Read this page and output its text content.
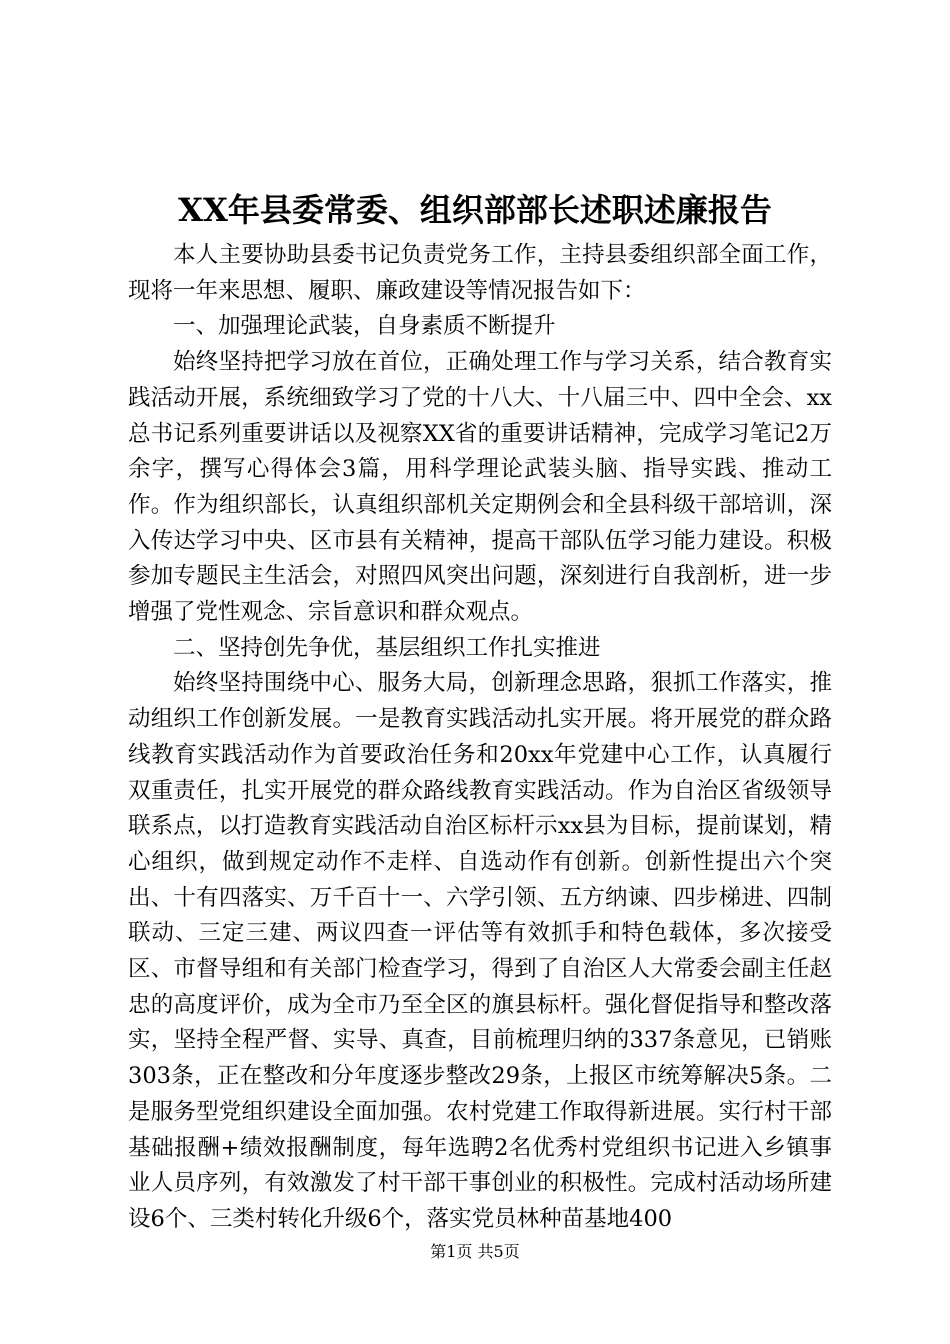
XX年县委常委、组织部部长述职述廉报告

本人主要协助县委书记负责党务工作，主持县委组织部全面工作，现将一年来思想、履职、廉政建设等情况报告如下：

一、加强理论武装，自身素质不断提升

始终坚持把学习放在首位，正确处理工作与学习关系，结合教育实践活动开展，系统细致学习了党的十八大、十八届三中、四中全会、xx总书记系列重要讲话以及视察XX省的重要讲话精神，完成学习笔记2万余字，撰写心得体会3篇，用科学理论武装头脑、指导实践、推动工作。作为组织部长，认真组织部机关定期例会和全县科级干部培训，深入传达学习中央、区市县有关精神，提高干部队伍学习能力建设。积极参加专题民主生活会，对照四风突出问题，深刻进行自我剖析，进一步增强了党性观念、宗旨意识和群众观点。

二、坚持创先争优，基层组织工作扎实推进

始终坚持围绕中心、服务大局，创新理念思路，狠抓工作落实，推动组织工作创新发展。一是教育实践活动扎实开展。将开展党的群众路线教育实践活动作为首要政治任务和20xx年党建中心工作，认真履行双重责任，扎实开展党的群众路线教育实践活动。作为自治区省级领导联系点，以打造教育实践活动自治区标杆示xx县为目标，提前谋划，精心组织，做到规定动作不走样、自选动作有创新。创新性提出六个突出、十有四落实、万千百十一、六学引领、五方纳谏、四步梯进、四制联动、三定三建、两议四查一评估等有效抓手和特色载体，多次接受区、市督导组和有关部门检查学习，得到了自治区人大常委会副主任赵忠的高度评价，成为全市乃至全区的旗县标杆。强化督促指导和整改落实，坚持全程严督、实导、真查，目前梳理归纳的337条意见，已销账303条，正在整改和分年度逐步整改29条，上报区市统筹解决5条。二是服务型党组织建设全面加强。农村党建工作取得新进展。实行村干部基础报酬+绩效报酬制度，每年选聘2名优秀村党组织书记进入乡镇事业人员序列，有效激发了村干部干事创业的积极性。完成村活动场所建设6个、三类村转化升级6个，落实党员林种苗基地400

第1页 共5页
